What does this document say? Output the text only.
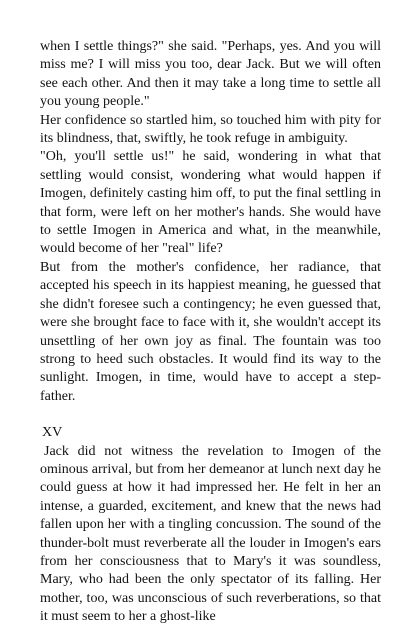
when I settle things?" she said. "Perhaps, yes. And you will miss me? I will miss you too, dear Jack. But we will often see each other. And then it may take a long time to settle all you young people."

Her confidence so startled him, so touched him with pity for its blindness, that, swiftly, he took refuge in ambiguity.

"Oh, you'll settle us!" he said, wondering in what that settling would consist, wondering what would happen if Imogen, definitely casting him off, to put the final settling in that form, were left on her mother's hands. She would have to settle Imogen in America and what, in the meanwhile, would become of her "real" life?

But from the mother's confidence, her radiance, that accepted his speech in its happiest meaning, he guessed that she didn't foresee such a contingency; he even guessed that, were she brought face to face with it, she wouldn't accept its unsettling of her own joy as final. The fountain was too strong to heed such obstacles. It would find its way to the sunlight. Imogen, in time, would have to accept a step-father.

XV

Jack did not witness the revelation to Imogen of the ominous arrival, but from her demeanor at lunch next day he could guess at how it had impressed her. He felt in her an intense, a guarded, excitement, and knew that the news had fallen upon her with a tingling concussion. The sound of the thunder-bolt must reverberate all the louder in Imogen's ears from her consciousness that to Mary's it was soundless, Mary, who had been the only spectator of its falling. Her mother, too, was unconscious of such reverberations, so that it must seem to her a ghost-like
